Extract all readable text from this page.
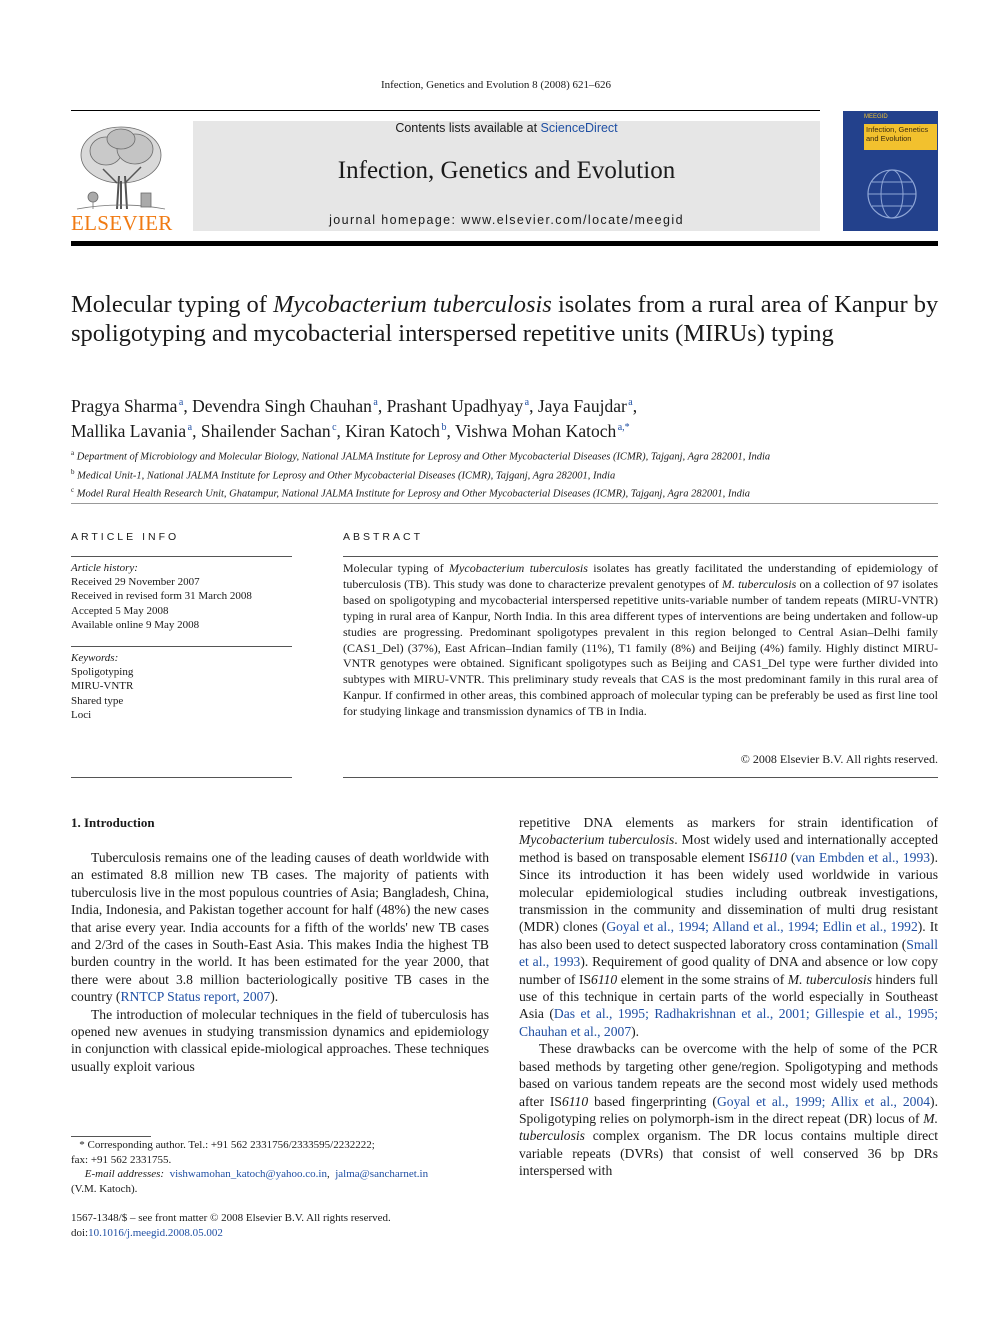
Infection, Genetics and Evolution 8 (2008) 621–626
ELSEVIER
Contents lists available at ScienceDirect
Infection, Genetics and Evolution
journal homepage: www.elsevier.com/locate/meegid
MEEGID
Infection, Genetics and Evolution
Molecular typing of Mycobacterium tuberculosis isolates from a rural area of Kanpur by spoligotyping and mycobacterial interspersed repetitive units (MIRUs) typing
Pragya Sharma $^a$, Devendra Singh Chauhan $^a$, Prashant Upadhyay $^a$, Jaya Faujdar $^a$,
Mallika Lavania $^a$, Shailender Sachan $^c$, Kiran Katoch $^b$, Vishwa Mohan Katoch $^{a,*}$
$^a$ Department of Microbiology and Molecular Biology, National JALMA Institute for Leprosy and Other Mycobacterial Diseases (ICMR), Tajganj, Agra 282001, India
$^b$ Medical Unit-1, National JALMA Institute for Leprosy and Other Mycobacterial Diseases (ICMR), Tajganj, Agra 282001, India
$^c$ Model Rural Health Research Unit, Ghatampur, National JALMA Institute for Leprosy and Other Mycobacterial Diseases (ICMR), Tajganj, Agra 282001, India
ARTICLE INFO
Article history:
Received 29 November 2007
Received in revised form 31 March 2008
Accepted 5 May 2008
Available online 9 May 2008
Keywords:
Spoligotyping
MIRU-VNTR
Shared type
Loci
ABSTRACT
Molecular typing of Mycobacterium tuberculosis isolates has greatly facilitated the understanding of epidemiology of tuberculosis (TB). This study was done to characterize prevalent genotypes of M. tuberculosis on a collection of 97 isolates based on spoligotyping and mycobacterial interspersed repetitive units-variable number of tandem repeats (MIRU-VNTR) typing in rural area of Kanpur, North India. In this area different types of interventions are being undertaken and follow-up studies are progressing. Predominant spoligotypes prevalent in this region belonged to Central Asian–Delhi family (CAS1_Del) (37%), East African–Indian family (11%), T1 family (8%) and Beijing (4%) family. Highly distinct MIRU-VNTR genotypes were obtained. Significant spoligotypes such as Beijing and CAS1_Del type were further divided into subtypes with MIRU-VNTR. This preliminary study reveals that CAS is the most predominant family in this rural area of Kanpur. If confirmed in other areas, this combined approach of molecular typing can be preferably be used as first line tool for studying linkage and transmission dynamics of TB in India.
© 2008 Elsevier B.V. All rights reserved.
1. Introduction

Tuberculosis remains one of the leading causes of death worldwide with an estimated 8.8 million new TB cases. The majority of patients with tuberculosis live in the most populous countries of Asia; Bangladesh, China, India, Indonesia, and Pakistan together account for half (48%) the new cases that arise every year. India accounts for a fifth of the worlds' new TB cases and 2/3rd of the cases in South-East Asia. This makes India the highest TB burden country in the world. It has been estimated for the year 2000, that there were about 3.8 million bacteriologically positive TB cases in the country (RNTCP Status report, 2007).

The introduction of molecular techniques in the field of tuberculosis has opened new avenues in studying transmission dynamics and epidemiology in conjunction with classical epide-miological approaches. These techniques usually exploit various

repetitive DNA elements as markers for strain identification of Mycobacterium tuberculosis. Most widely used and internationally accepted method is based on transposable element IS6110 (van Embden et al., 1993). Since its introduction it has been widely used worldwide in various molecular epidemiological studies including outbreak investigations, transmission in the community and dissemination of multi drug resistant (MDR) clones (Goyal et al., 1994; Alland et al., 1994; Edlin et al., 1992). It has also been used to detect suspected laboratory cross contamination (Small et al., 1993). Requirement of good quality of DNA and absence or low copy number of IS6110 element in the some strains of M. tuberculosis hinders full use of this technique in certain parts of the world especially in Southeast Asia (Das et al., 1995; Radhakrishnan et al., 2001; Gillespie et al., 1995; Chauhan et al., 2007).

These drawbacks can be overcome with the help of some of the PCR based methods by targeting other gene/region. Spoligotyping and methods based on various tandem repeats are the second most widely used methods after IS6110 based fingerprinting (Goyal et al., 1999; Allix et al., 2004). Spoligotyping relies on polymorph-ism in the direct repeat (DR) locus of M. tuberculosis complex organism. The DR locus contains multiple direct variable repeats (DVRs) that consist of well conserved 36 bp DRs interspersed with

* Corresponding author. Tel.: +91 562 2331756/2333595/2232222;
fax: +91 562 2331755.
E-mail addresses: vishwamohan_katoch@yahoo.co.in,  jalma@sancharnet.in
(V.M. Katoch).
1567-1348/$ – see front matter © 2008 Elsevier B.V. All rights reserved.
doi:10.1016/j.meegid.2008.05.002
